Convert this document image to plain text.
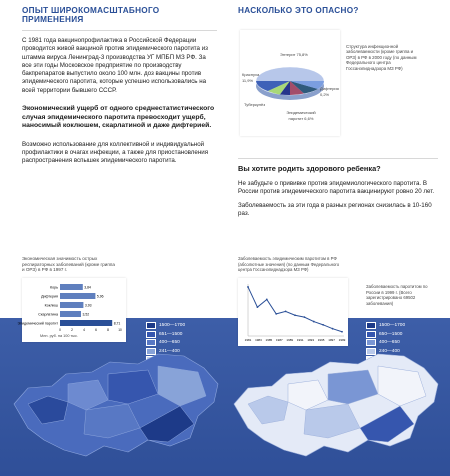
ОПЫТ ШИРОКОМАСШТАБНОГО ПРИМЕНЕНИЯ
С 1981 года вакцинопрофилактика в Российской Федерации проводится живой вакциной против эпидемического паротита из штамма вируса Ленинград-3 производства УГ МПБП МЗ РФ. За все эти годы Московское предприятие по производству бакпрепаратов выпустило около 100 млн. доз вакцины против эпидемического паротита, которые успешно использовались на всей территории бывшего СССР.
Экономический ущерб от одного среднестатистического случая эпидемического паротита превосходит ущерб, наносимый коклюшем, скарлатиной и даже дифтерией.
Возможно использование для коллективной и индивидуальной профилактики в очагах инфекции, а также для приостановления распространения вспышек эпидемического паротита.
НАСКОЛЬКО ЭТО ОПАСНО?
Энтерит 75,8%
Краснуха 11,9%
Дифтерия 0,2%
Эпидемический паротит 6,6%
Туберкулёз
Структура инфекционной заболеваемости (кроме гриппа и ОРЗ) в РФ в 2000 году (по данным Федерального центра Госсанэпиднадзора МЗ РФ)
Вы хотите родить здорового ребенка?
Не забудьте о прививке против эпидемиологического паротита. В России против эпидемического паротита вакцинируют ровно 20 лет.
Заболеваемость за эти года в разных регионах снизилась в 10-160 раз.
Экономическая значимость острых респираторных заболеваний (кроме гриппа и ОРЗ) в РФ в 1997 г.
Корь	3,84
Дифтерия	5,96
Коклюш	3,93
Скарлатина	3,52
Эпидемический паротит	8,71
0	2	4	6	8	10
Млн. руб. на 100 тыс.
Охват вакцинацией против эпидемического паротита по России в 1999 г. (тыс. доз)
1500—1700
651—1500
400—650
241—400
Заболеваемость эпидемическим паротитом в РФ (абсолютные значения) (по данным Федерального центра Госсанэпиднадзора МЗ РФ)
1981 1983 1985 1987 1989 1991 1993 1995 1997 1999
Заболеваемость паротитом по России в 1999 г. (Всего зарегистрировано 69502 заболевания)
1500—1700
650—1500
400—650
240—400
